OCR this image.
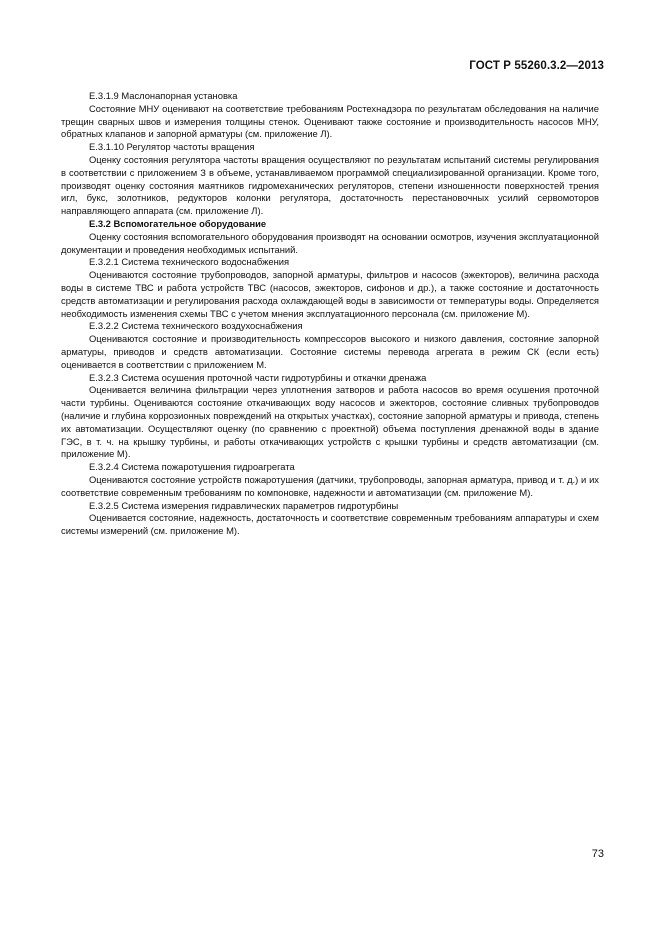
ГОСТ Р 55260.3.2—2013

Е.3.1.9 Маслонапорная установка

Состояние МНУ оценивают на соответствие требованиям Ростехнадзора по результатам обследования на наличие трещин сварных швов и измерения толщины стенок. Оценивают также состояние и производительность насосов МНУ, обратных клапанов и запорной арматуры (см. приложение Л).

Е.3.1.10 Регулятор частоты вращения

Оценку состояния регулятора частоты вращения осуществляют по результатам испытаний системы регулирования в соответствии с приложением З в объеме, устанавливаемом программой специализированной организации. Кроме того, производят оценку состояния маятников гидромеханических регуляторов, степени изношенности поверхностей трения игл, букс, золотников, редукторов колонки регулятора, достаточность перестановочных усилий сервомоторов направляющего аппарата (см. приложение Л).

Е.3.2 Вспомогательное оборудование

Оценку состояния вспомогательного оборудования производят на основании осмотров, изучения эксплуатационной документации и проведения необходимых испытаний.

Е.3.2.1 Система технического водоснабжения

Оцениваются состояние трубопроводов, запорной арматуры, фильтров и насосов (эжекторов), величина расхода воды в системе ТВС и работа устройств ТВС (насосов, эжекторов, сифонов и др.), а также состояние и достаточность средств автоматизации и регулирования расхода охлаждающей воды в зависимости от температуры воды. Определяется необходимость изменения схемы ТВС с учетом мнения эксплуатационного персонала (см. приложение М).

Е.3.2.2 Система технического воздухоснабжения

Оцениваются состояние и производительность компрессоров высокого и низкого давления, состояние запорной арматуры, приводов и средств автоматизации. Состояние системы перевода агрегата в режим СК (если есть) оценивается в соответствии с приложением М.

Е.3.2.3 Система осушения проточной части гидротурбины и откачки дренажа

Оценивается величина фильтрации через уплотнения затворов и работа насосов во время осушения проточной части турбины. Оцениваются состояние откачивающих воду насосов и эжекторов, состояние сливных трубопроводов (наличие и глубина коррозионных повреждений на открытых участках), состояние запорной арматуры и привода, степень их автоматизации. Осуществляют оценку (по сравнению с проектной) объема поступления дренажной воды в здание ГЭС, в т. ч. на крышку турбины, и работы откачивающих устройств с крышки турбины и средств автоматизации (см. приложение М).

Е.3.2.4 Система пожаротушения гидроагрегата

Оцениваются состояние устройств пожаротушения (датчики, трубопроводы, запорная арматура, привод и т. д.) и их соответствие современным требованиям по компоновке, надежности и автоматизации (см. приложение М).

Е.3.2.5 Система измерения гидравлических параметров гидротурбины

Оценивается состояние, надежность, достаточность и соответствие современным требованиям аппаратуры и схем системы измерений (см. приложение М).

73
